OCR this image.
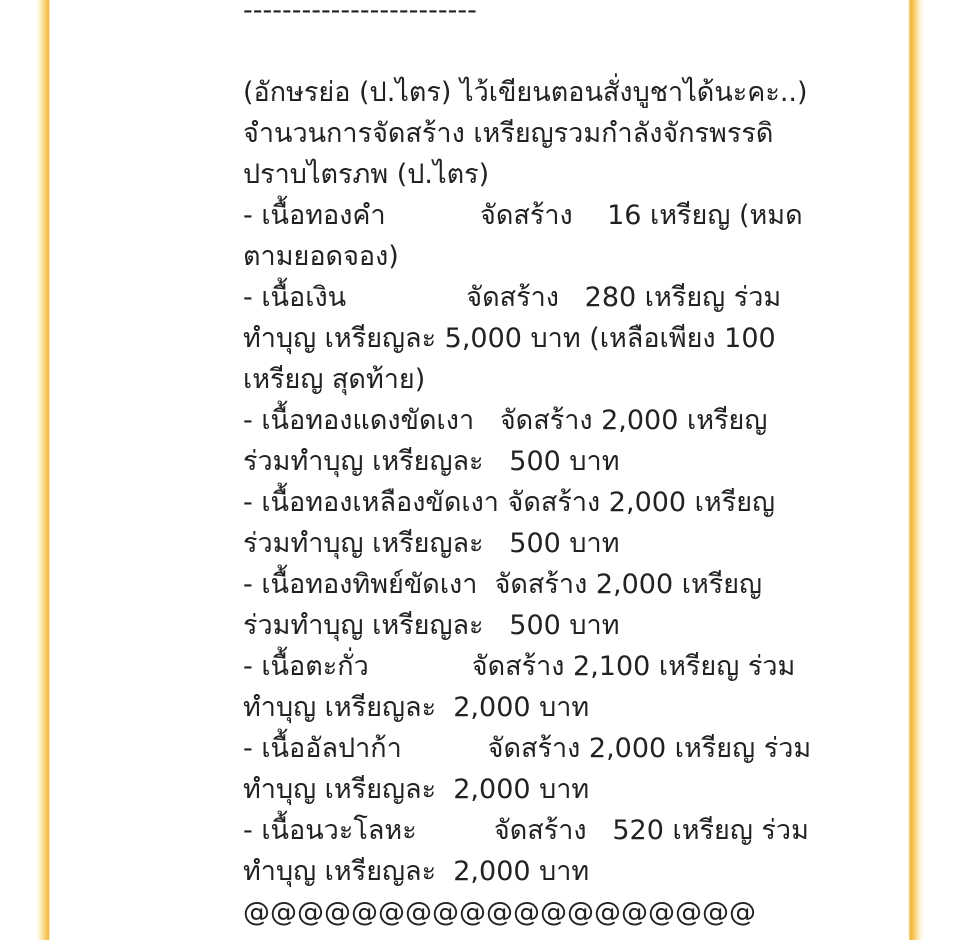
------------------------
(อักษรย่อ (ป.ไตร) ไว้เขียนตอนสั่งบูชาได้นะคะ..)
จำนวนการจัดสร้าง เหรียญรวมกำลังจักรพรรดิ
ปราบไตรภพ (ป.ไตร)
- เนื้อทองคำ           จัดสร้าง    16 เหรียญ (หมด
ตามยอดจอง)
- เนื้อเงิน              จัดสร้าง   280 เหรียญ ร่วม
ทำบุญ เหรียญละ 5,000 บาท (เหลือเพียง 100
เหรียญ สุดท้าย)
- เนื้อทองแดงขัดเงา   จัดสร้าง 2,000 เหรียญ
ร่วมทำบุญ เหรียญละ   500 บาท
- เนื้อทองเหลืองขัดเงา จัดสร้าง 2,000 เหรียญ
ร่วมทำบุญ เหรียญละ   500 บาท
- เนื้อทองทิพย์ขัดเงา  จัดสร้าง 2,000 เหรียญ
ร่วมทำบุญ เหรียญละ   500 บาท
- เนื้อตะกั่ว            จัดสร้าง 2,100 เหรียญ ร่วม
ทำบุญ เหรียญละ  2,000 บาท
- เนื้ออัลปาก้า          จัดสร้าง 2,000 เหรียญ ร่วม
ทำบุญ เหรียญละ  2,000 บาท
- เนื้อนวะโลหะ         จัดสร้าง   520 เหรียญ ร่วม
ทำบุญ เหรียญละ  2,000 บาท
@@@@@@@@@@@@@@@@@@@
